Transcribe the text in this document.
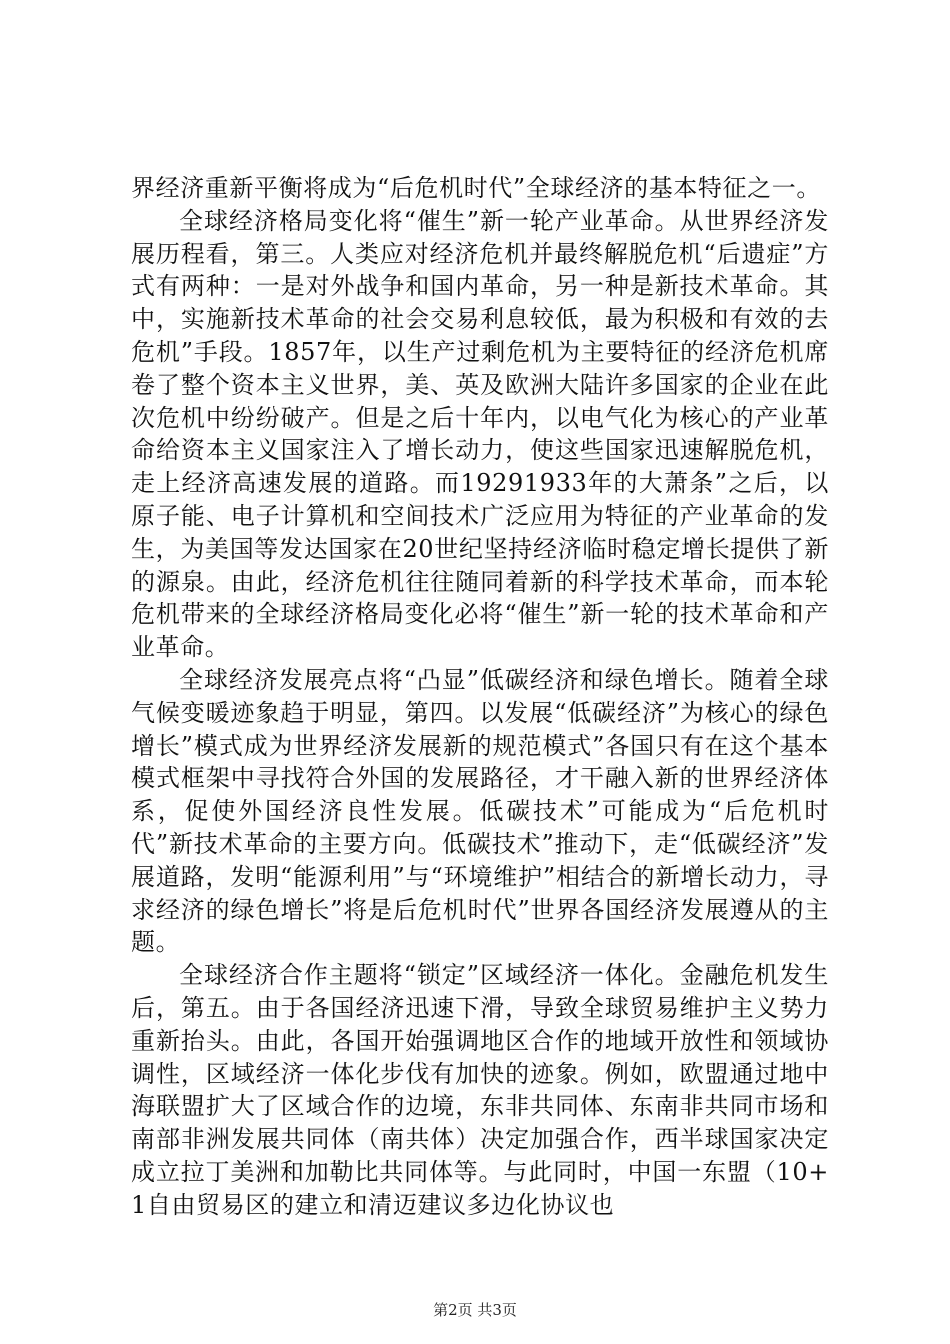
界经济重新平衡将成为“后危机时代”全球经济的基本特征之一。

全球经济格局变化将“催生”新一轮产业革命。从世界经济发展历程看，第三。人类应对经济危机并最终解脱危机“后遗症”方式有两种：一是对外战争和国内革命，另一种是新技术革命。其中，实施新技术革命的社会交易利息较低，最为积极和有效的去危机”手段。1857年，以生产过剩危机为主要特征的经济危机席卷了整个资本主义世界，美、英及欧洲大陆许多国家的企业在此次危机中纷纷破产。但是之后十年内，以电气化为核心的产业革命给资本主义国家注入了增长动力，使这些国家迅速解脱危机，走上经济高速发展的道路。而19291933年的大萧条”之后，以原子能、电子计算机和空间技术广泛应用为特征的产业革命的发生，为美国等发达国家在20世纪坚持经济临时稳定增长提供了新的源泉。由此，经济危机往往随同着新的科学技术革命，而本轮危机带来的全球经济格局变化必将“催生”新一轮的技术革命和产业革命。

全球经济发展亮点将“凸显”低碳经济和绿色增长。随着全球气候变暖迹象趋于明显，第四。以发展“低碳经济”为核心的绿色增长”模式成为世界经济发展新的规范模式”各国只有在这个基本模式框架中寻找符合外国的发展路径，才干融入新的世界经济体系，促使外国经济良性发展。低碳技术”可能成为“后危机时代”新技术革命的主要方向。低碳技术”推动下，走“低碳经济”发展道路，发明“能源利用”与“环境维护”相结合的新增长动力，寻求经济的绿色增长”将是后危机时代”世界各国经济发展遵从的主题。

全球经济合作主题将“锁定”区域经济一体化。金融危机发生后，第五。由于各国经济迅速下滑，导致全球贸易维护主义势力重新抬头。由此，各国开始强调地区合作的地域开放性和领域协调性，区域经济一体化步伐有加快的迹象。例如，欧盟通过地中海联盟扩大了区域合作的边境，东非共同体、东南非共同市场和南部非洲发展共同体（南共体）决定加强合作，西半球国家决定成立拉丁美洲和加勒比共同体等。与此同时，中国一东盟（10+1自由贸易区的建立和清迈建议多边化协议也

第2页 共3页
